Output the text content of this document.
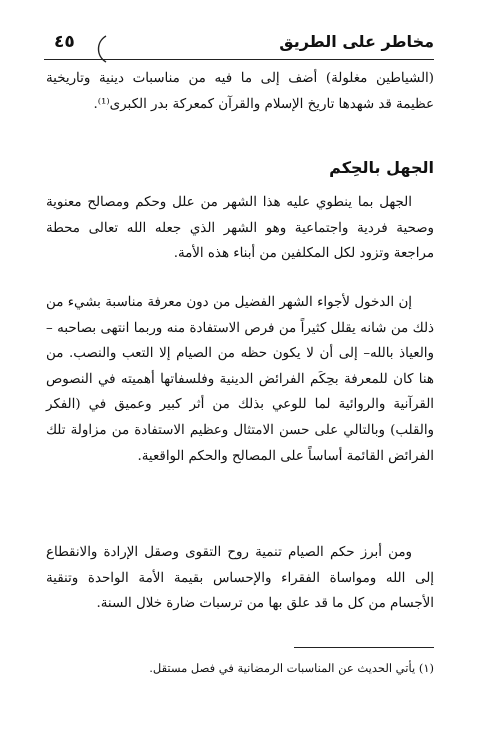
مخاطر على الطريق
٤٥
(الشياطين مغلولة) أضف إلى ما فيه من مناسبات دينية وتاريخية عظيمة قد شهدها تاريخ الإسلام والقرآن كمعركة بدر الكبرى⁽¹⁾.
الجهل بالحِكم
الجهل بما ينطوي عليه هذا الشهر من علل وحكم ومصالح معنوية وصحية فردية واجتماعية وهو الشهر الذي جعله الله تعالى محطة مراجعة وتزود لكل المكلفين من أبناء هذه الأمة.
إن الدخول لأجواء الشهر الفضيل من دون معرفة مناسبة بشيء من ذلك من شانه يقلل كثيراً من فرص الاستفادة منه وربما انتهى بصاحبه –والعياذ بالله– إلى أن لا يكون حظه من الصيام إلا التعب والنصب. من هنا كان للمعرفة بحِكَم الفرائض الدينية وفلسفاتها أهميته في النصوص القرآنية والروائية لما للوعي بذلك من أثر كبير وعميق في (الفكر والقلب) وبالتالي على حسن الامتثال وعظيم الاستفادة من مزاولة تلك الفرائض القائمة أساساً على المصالح والحكم الواقعية.
ومن أبرز حكم الصيام تنمية روح التقوى وصقل الإرادة والانقطاع إلى الله ومواساة الفقراء والإحساس بقيمة الأمة الواحدة وتنقية الأجسام من كل ما قد علق بها من ترسبات ضارة خلال السنة.
(١) يأتي الحديث عن المناسبات الرمضانية في فصل مستقل.
